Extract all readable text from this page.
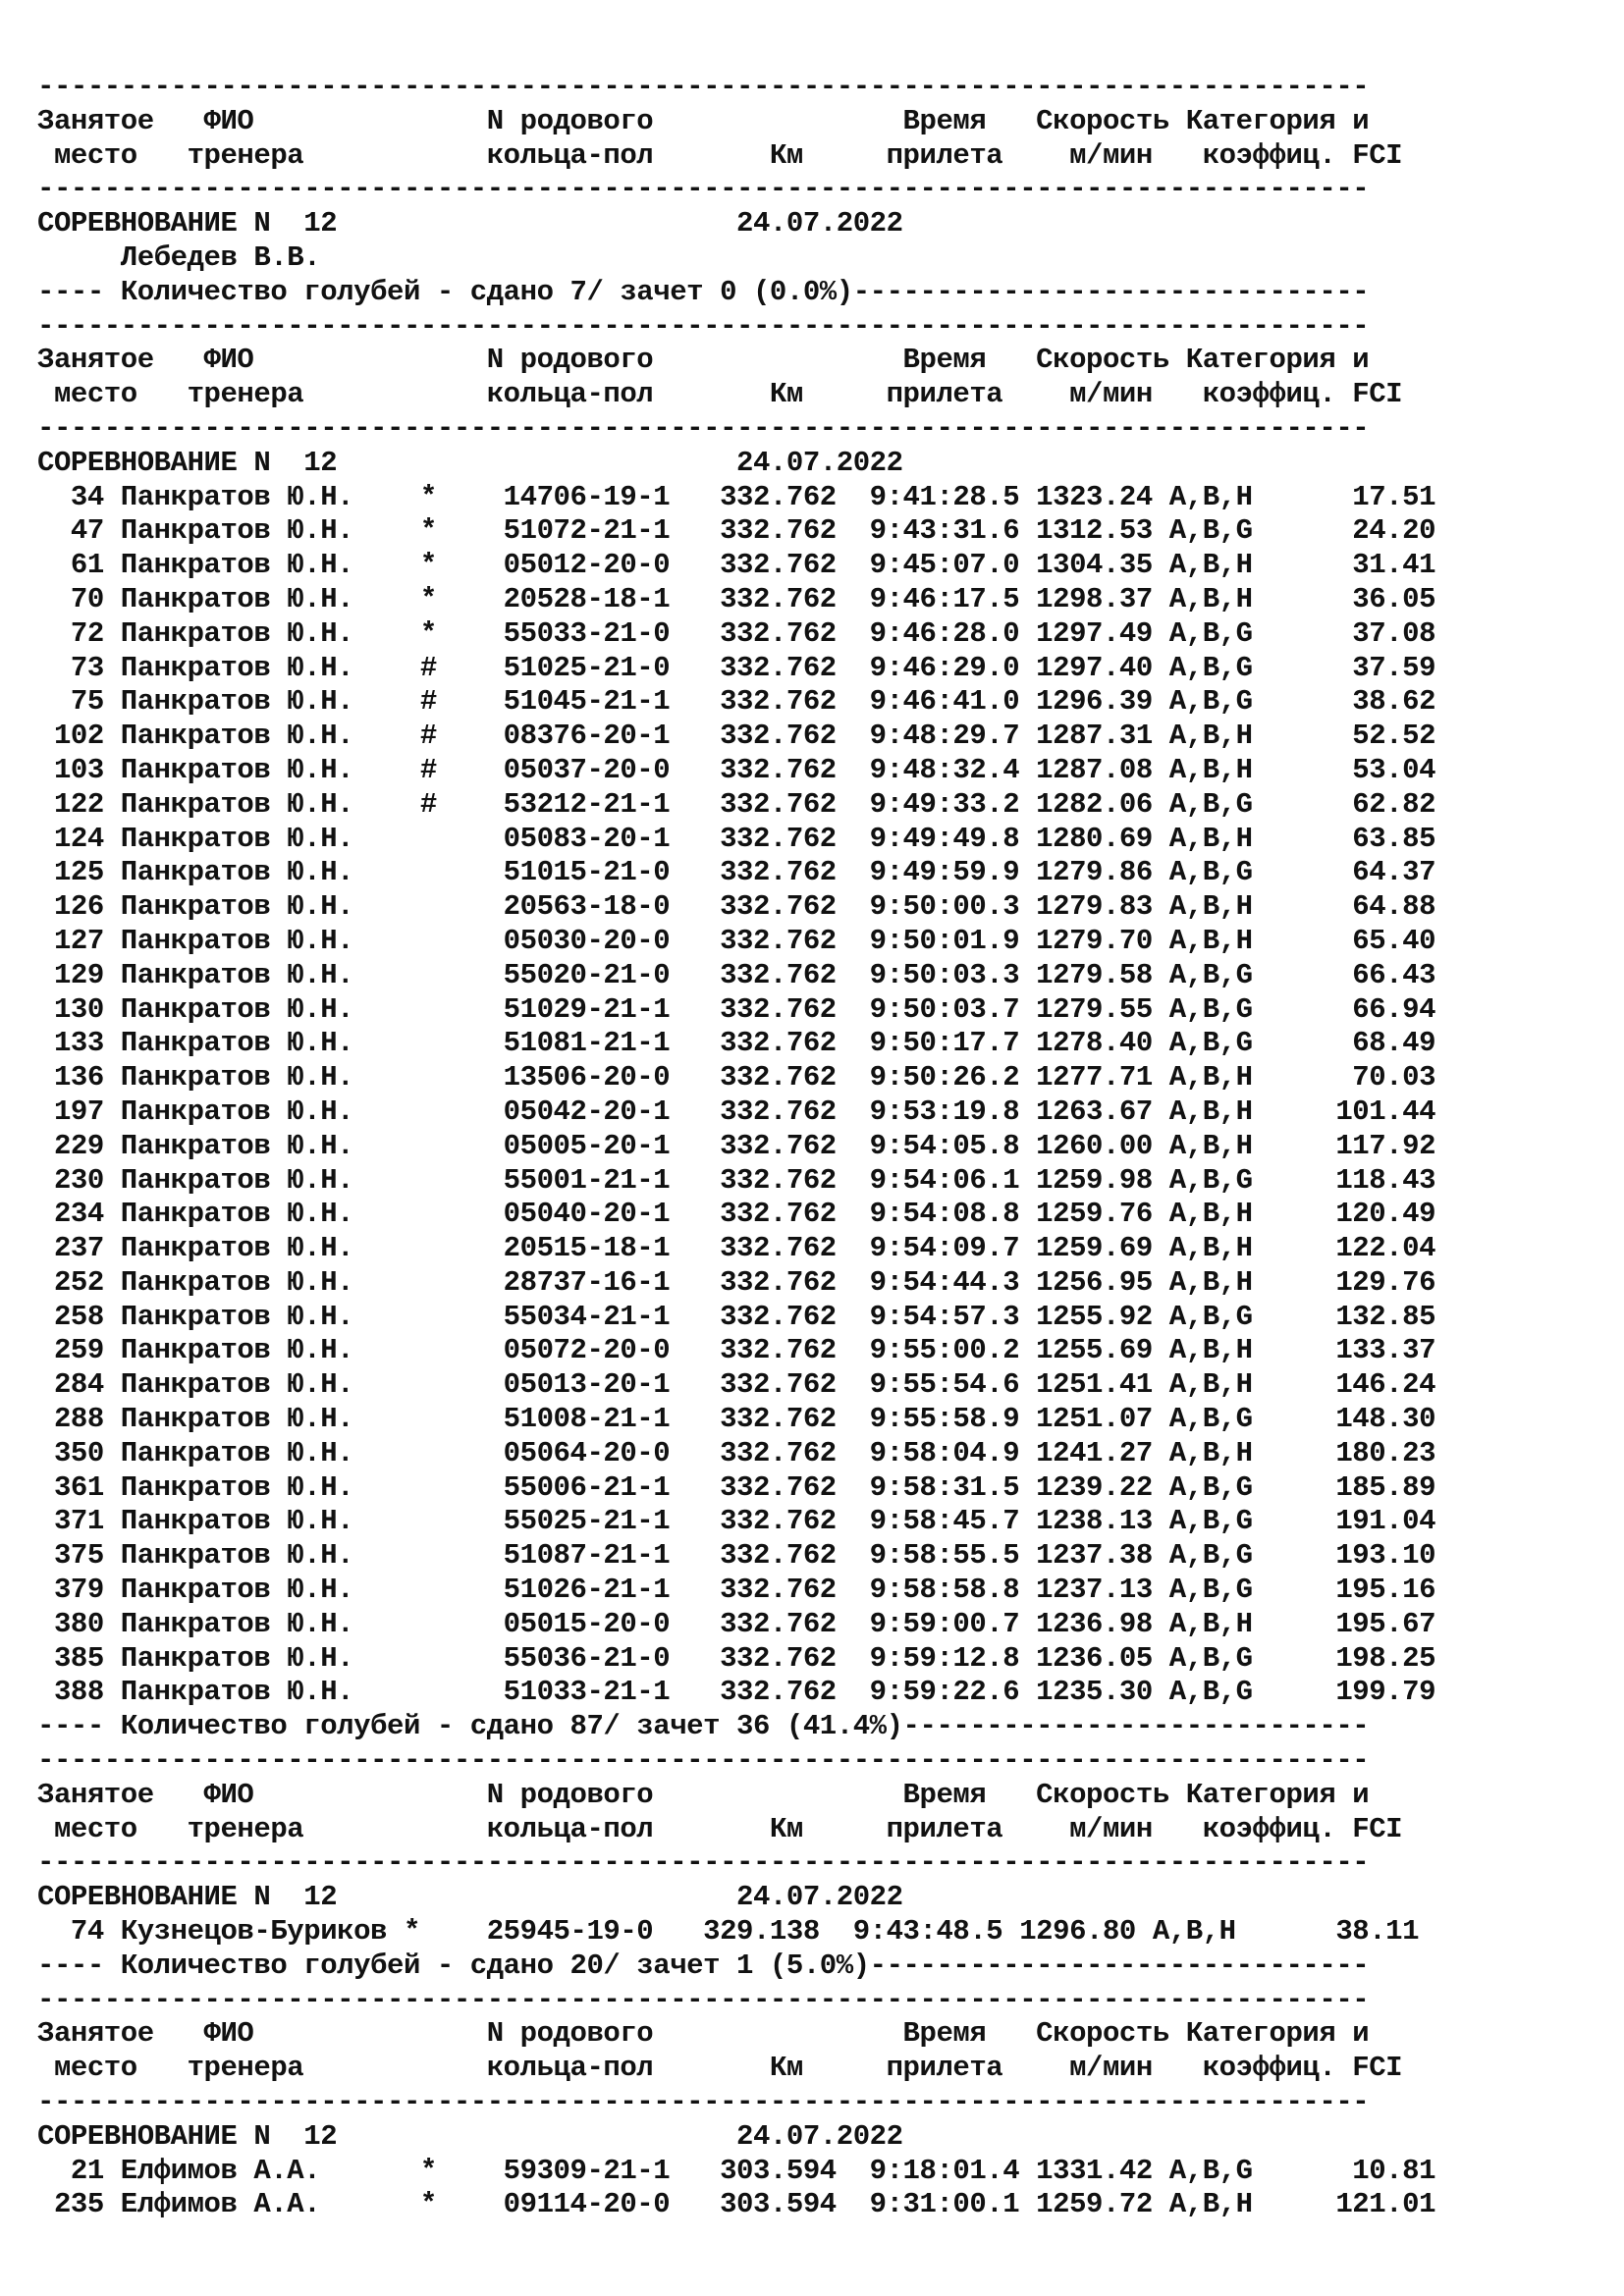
--------------------------------------------------------------------------------
Занятое   ФИО              N родового               Время   Скорость Категория и
место   тренера           кольца-пол       Км     прилета    м/мин   коэффиц. FCI
--------------------------------------------------------------------------------
СОРЕВНОВАНИЕ N  12                        24.07.2022
Лебедев В.В.
---- Количество голубей - сдано 7/ зачет 0 (0.0%)-------------------------------
--------------------------------------------------------------------------------
Занятое   ФИО              N родового               Время   Скорость Категория и
место   тренера           кольца-пол       Км     прилета    м/мин   коэффиц. FCI
--------------------------------------------------------------------------------
СОРЕВНОВАНИЕ N  12                        24.07.2022
34 Панкратов Ю.Н.    *    14706-19-1   332.762  9:41:28.5 1323.24 A,B,H      17.51
47 Панкратов Ю.Н.    *    51072-21-1   332.762  9:43:31.6 1312.53 A,B,G      24.20
61 Панкратов Ю.Н.    *    05012-20-0   332.762  9:45:07.0 1304.35 A,B,H      31.41
70 Панкратов Ю.Н.    *    20528-18-1   332.762  9:46:17.5 1298.37 A,B,H      36.05
72 Панкратов Ю.Н.    *    55033-21-0   332.762  9:46:28.0 1297.49 A,B,G      37.08
73 Панкратов Ю.Н.    #    51025-21-0   332.762  9:46:29.0 1297.40 A,B,G      37.59
75 Панкратов Ю.Н.    #    51045-21-1   332.762  9:46:41.0 1296.39 A,B,G      38.62
102 Панкратов Ю.Н.    #    08376-20-1   332.762  9:48:29.7 1287.31 A,B,H      52.52
103 Панкратов Ю.Н.    #    05037-20-0   332.762  9:48:32.4 1287.08 A,B,H      53.04
122 Панкратов Ю.Н.    #    53212-21-1   332.762  9:49:33.2 1282.06 A,B,G      62.82
124 Панкратов Ю.Н.         05083-20-1   332.762  9:49:49.8 1280.69 A,B,H      63.85
125 Панкратов Ю.Н.         51015-21-0   332.762  9:49:59.9 1279.86 A,B,G      64.37
126 Панкратов Ю.Н.         20563-18-0   332.762  9:50:00.3 1279.83 A,B,H      64.88
127 Панкратов Ю.Н.         05030-20-0   332.762  9:50:01.9 1279.70 A,B,H      65.40
129 Панкратов Ю.Н.         55020-21-0   332.762  9:50:03.3 1279.58 A,B,G      66.43
130 Панкратов Ю.Н.         51029-21-1   332.762  9:50:03.7 1279.55 A,B,G      66.94
133 Панкратов Ю.Н.         51081-21-1   332.762  9:50:17.7 1278.40 A,B,G      68.49
136 Панкратов Ю.Н.         13506-20-0   332.762  9:50:26.2 1277.71 A,B,H      70.03
197 Панкратов Ю.Н.         05042-20-1   332.762  9:53:19.8 1263.67 A,B,H     101.44
229 Панкратов Ю.Н.         05005-20-1   332.762  9:54:05.8 1260.00 A,B,H     117.92
230 Панкратов Ю.Н.         55001-21-1   332.762  9:54:06.1 1259.98 A,B,G     118.43
234 Панкратов Ю.Н.         05040-20-1   332.762  9:54:08.8 1259.76 A,B,H     120.49
237 Панкратов Ю.Н.         20515-18-1   332.762  9:54:09.7 1259.69 A,B,H     122.04
252 Панкратов Ю.Н.         28737-16-1   332.762  9:54:44.3 1256.95 A,B,H     129.76
258 Панкратов Ю.Н.         55034-21-1   332.762  9:54:57.3 1255.92 A,B,G     132.85
259 Панкратов Ю.Н.         05072-20-0   332.762  9:55:00.2 1255.69 A,B,H     133.37
284 Панкратов Ю.Н.         05013-20-1   332.762  9:55:54.6 1251.41 A,B,H     146.24
288 Панкратов Ю.Н.         51008-21-1   332.762  9:55:58.9 1251.07 A,B,G     148.30
350 Панкратов Ю.Н.         05064-20-0   332.762  9:58:04.9 1241.27 A,B,H     180.23
361 Панкратов Ю.Н.         55006-21-1   332.762  9:58:31.5 1239.22 A,B,G     185.89
371 Панкратов Ю.Н.         55025-21-1   332.762  9:58:45.7 1238.13 A,B,G     191.04
375 Панкратов Ю.Н.         51087-21-1   332.762  9:58:55.5 1237.38 A,B,G     193.10
379 Панкратов Ю.Н.         51026-21-1   332.762  9:58:58.8 1237.13 A,B,G     195.16
380 Панкратов Ю.Н.         05015-20-0   332.762  9:59:00.7 1236.98 A,B,H     195.67
385 Панкратов Ю.Н.         55036-21-0   332.762  9:59:12.8 1236.05 A,B,G     198.25
388 Панкратов Ю.Н.         51033-21-1   332.762  9:59:22.6 1235.30 A,B,G     199.79
---- Количество голубей - сдано 87/ зачет 36 (41.4%)----------------------------
--------------------------------------------------------------------------------
Занятое   ФИО              N родового               Время   Скорость Категория и
место   тренера           кольца-пол       Км     прилета    м/мин   коэффиц. FCI
--------------------------------------------------------------------------------
СОРЕВНОВАНИЕ N  12                        24.07.2022
74 Кузнецов-Буриков *    25945-19-0   329.138  9:43:48.5 1296.80 A,B,H      38.11
---- Количество голубей - сдано 20/ зачет 1 (5.0%)------------------------------
--------------------------------------------------------------------------------
Занятое   ФИО              N родового               Время   Скорость Категория и
место   тренера           кольца-пол       Км     прилета    м/мин   коэффиц. FCI
--------------------------------------------------------------------------------
СОРЕВНОВАНИЕ N  12                        24.07.2022
21 Елфимов А.А.      *    59309-21-1   303.594  9:18:01.4 1331.42 A,B,G      10.81
235 Елфимов А.А.      *    09114-20-0   303.594  9:31:00.1 1259.72 A,B,H     121.01
